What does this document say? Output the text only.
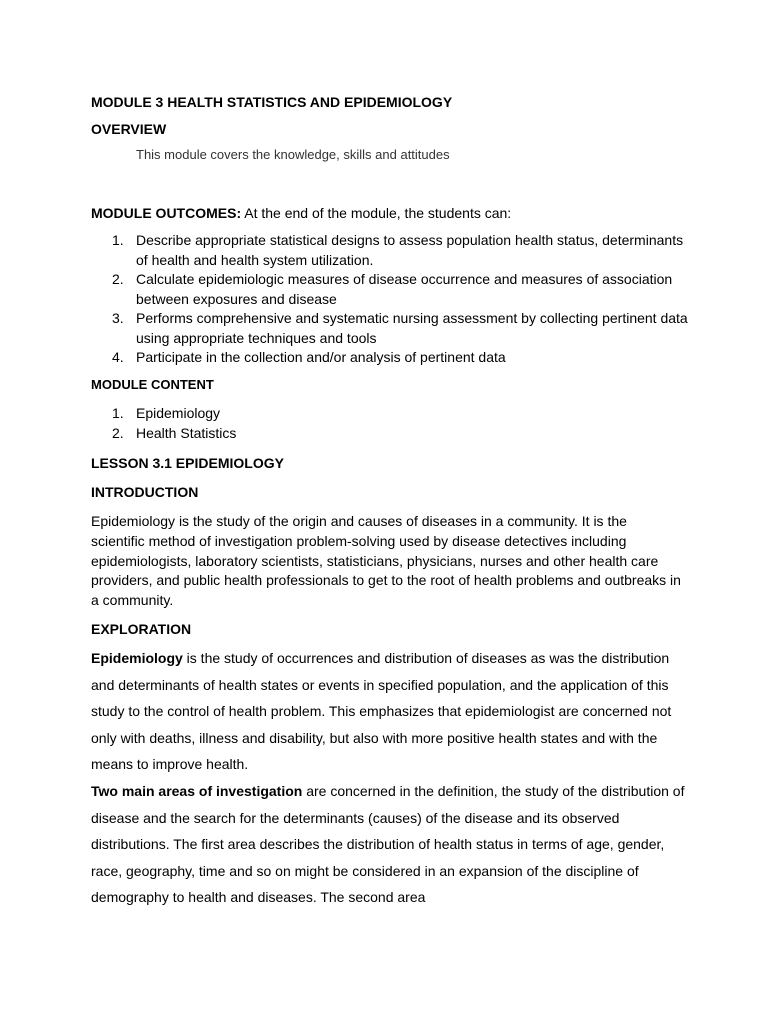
MODULE 3 HEALTH STATISTICS AND EPIDEMIOLOGY
OVERVIEW
This module covers the knowledge, skills and attitudes
MODULE OUTCOMES: At the end of the module, the students can:
1. Describe appropriate statistical designs to assess population health status, determinants of health and health system utilization.
2. Calculate epidemiologic measures of disease occurrence and measures of association between exposures and disease
3. Performs comprehensive and systematic nursing assessment by collecting pertinent data using appropriate techniques and tools
4. Participate in the collection and/or analysis of pertinent data
MODULE CONTENT
1. Epidemiology
2. Health Statistics
LESSON 3.1 EPIDEMIOLOGY
INTRODUCTION

Epidemiology is the study of the origin and causes of diseases in a community. It is the scientific method of investigation problem-solving used by disease detectives including epidemiologists, laboratory scientists, statisticians, physicians, nurses and other health care providers, and public health professionals to get to the root of health problems and outbreaks in a community.

EXPLORATION

Epidemiology is the study of occurrences and distribution of diseases as was the distribution and determinants of health states or events in specified population, and the application of this study to the control of health problem. This emphasizes that epidemiologist are concerned not only with deaths, illness and disability, but also with more positive health states and with the means to improve health.

Two main areas of investigation are concerned in the definition, the study of the distribution of disease and the search for the determinants (causes) of the disease and its observed distributions. The first area describes the distribution of health status in terms of age, gender, race, geography, time and so on might be considered in an expansion of the discipline of demography to health and diseases. The second area
